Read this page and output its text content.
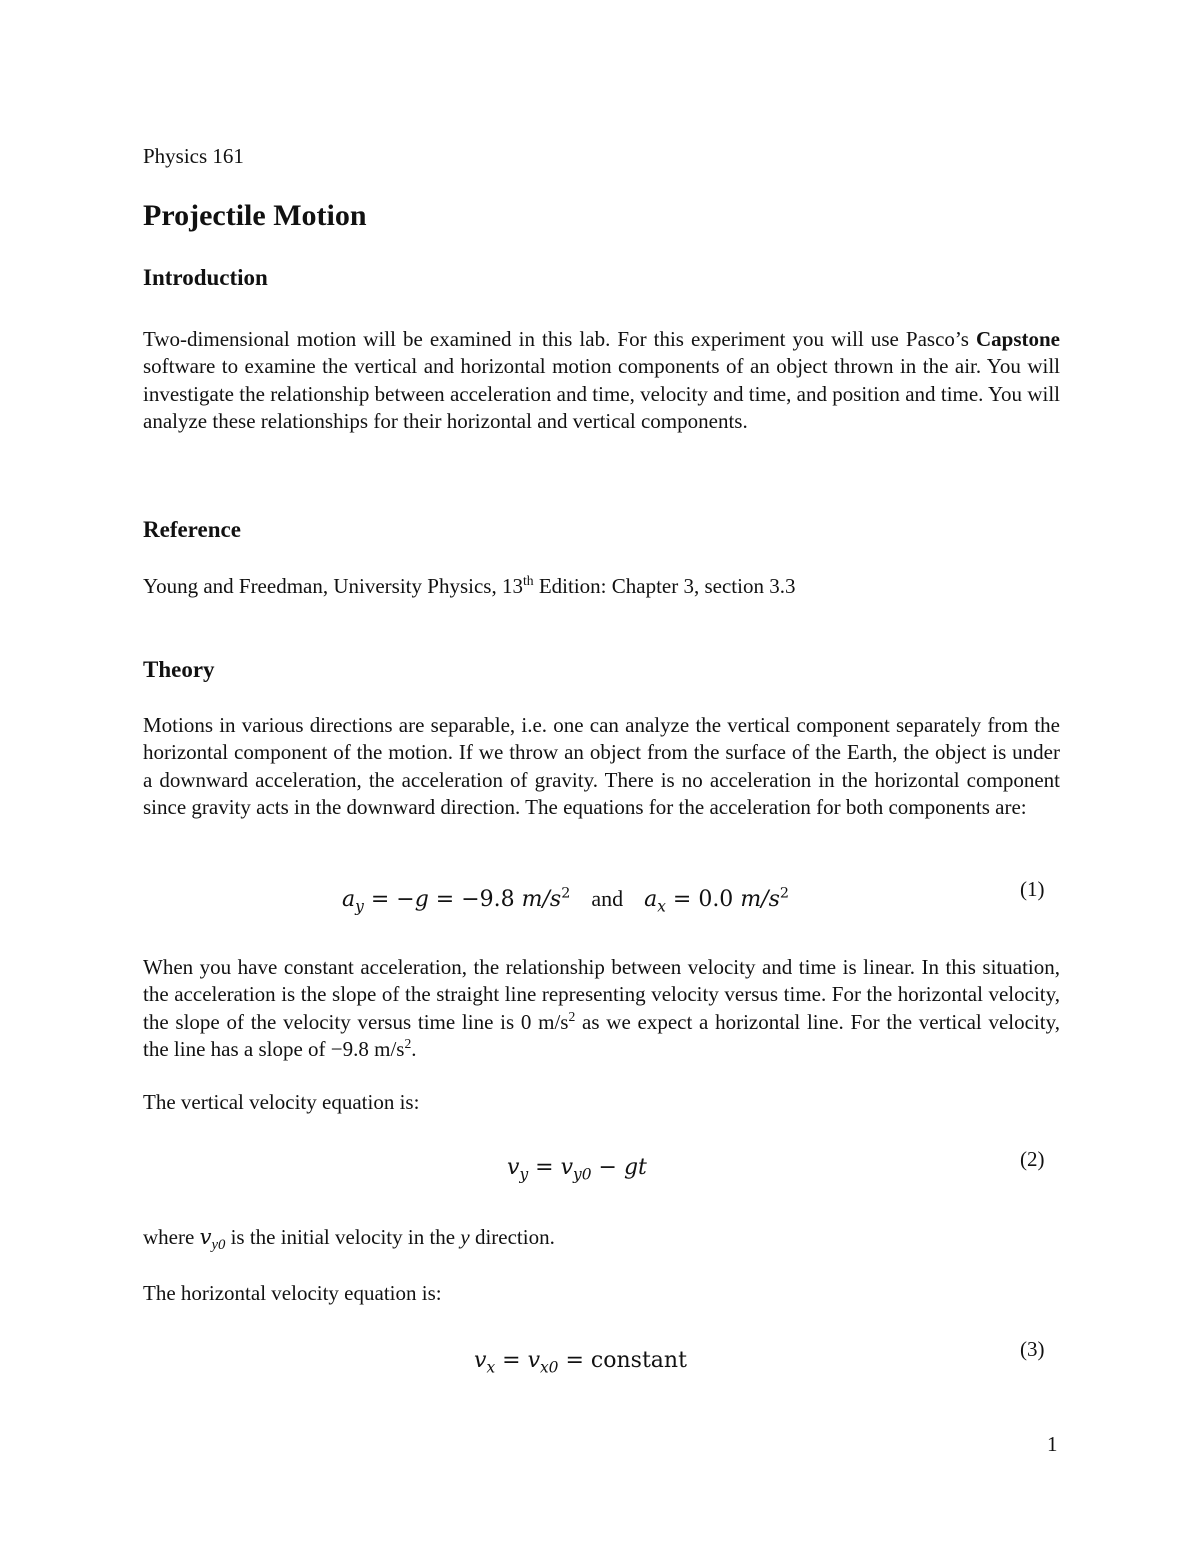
Physics 161

Projectile Motion
Introduction

Two-dimensional motion will be examined in this lab. For this experiment you will use Pasco’s Capstone software to examine the vertical and horizontal motion components of an object thrown in the air. You will investigate the relationship between acceleration and time, velocity and time, and position and time. You will analyze these relationships for their horizontal and vertical components.

Reference

Young and Freedman, University Physics, 13th Edition: Chapter 3, section 3.3

Theory

Motions in various directions are separable, i.e. one can analyze the vertical component separately from the horizontal component of the motion. If we throw an object from the surface of the Earth, the object is under a downward acceleration, the acceleration of gravity. There is no acceleration in the horizontal component since gravity acts in the downward direction. The equations for the acceleration for both components are:

$a_y = -g = -9.8$ $m/s^2$ and $a_x = 0.0$ $m/s^2$	(1)

When you have constant acceleration, the relationship between velocity and time is linear. In this situation, the acceleration is the slope of the straight line representing velocity versus time. For the horizontal velocity, the slope of the velocity versus time line is 0 $m/s^2$ as we expect a horizontal line. For the vertical velocity, the line has a slope of −9.8 $m/s^2$.

The vertical velocity equation is:

$v_y = v_{y0}$ − gt	(2)

where $v_{y0}$ is the initial velocity in the y direction.

The horizontal velocity equation is:

$v_x = v_{x0}$ = constant	(3)
1
